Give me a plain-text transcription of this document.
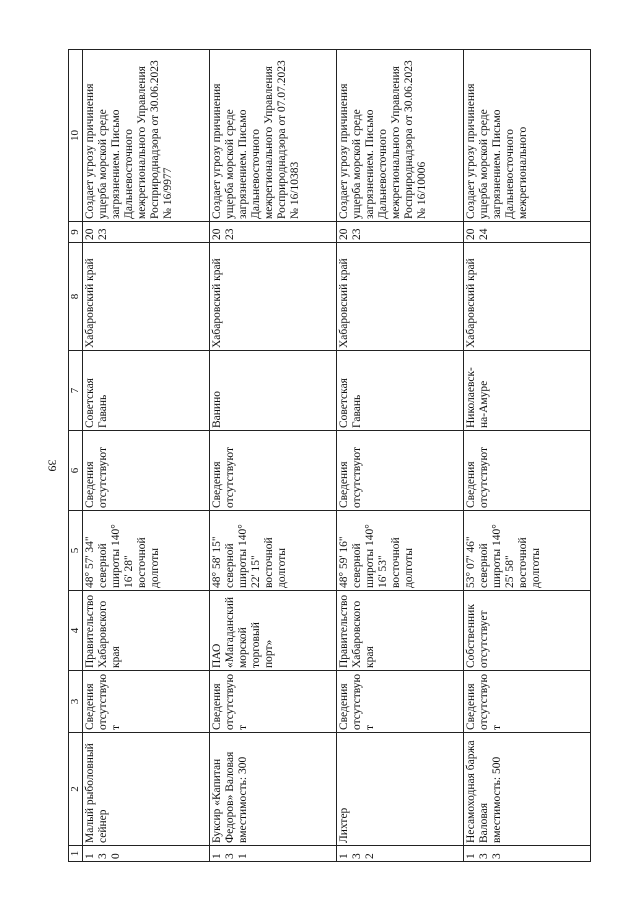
39
1	2	3	4	5	6	7	8	9	10
130	Малый рыболовный сейнер	Сведения отсутствуют	Правительство Хабаровского края	48° 57' 34" северной широты 140° 16' 28" восточной долготы	Сведения отсутствуют	Советская Гавань	Хабаровский край	2023	Создает угрозу причинения ущерба морской среде загрязнением. Письмо Дальневосточного межрегионального Управления Росприроднадзора от 30.06.2023 № 16/9977
131	Буксир «Капитан Федоров» Валовая вместимость: 300	Сведения отсутствуют	ПАО «Магаданский морской торговый порт»	48° 58' 15" северной широты 140° 22' 15" восточной долготы	Сведения отсутствуют	Ванино	Хабаровский край	2023	Создает угрозу причинения ущерба морской среде загрязнением. Письмо Дальневосточного межрегионального Управления Росприроднадзора от 07.07.2023 № 16/10383
132	Лихтер	Сведения отсутствуют	Правительство Хабаровского края	48° 59' 16" северной широты 140° 16' 53" восточной долготы	Сведения отсутствуют	Советская Гавань	Хабаровский край	2023	Создает угрозу причинения ущерба морской среде загрязнением. Письмо Дальневосточного межрегионального Управления Росприроднадзора от 30.06.2023 № 16/10006
133	Несамоходная баржа Валовая вместимость: 500	Сведения отсутствуют	Собственник отсутствует	53° 07' 46" северной широты 140° 25' 58" восточной долготы	Сведения отсутствуют	Николаевск-на-Амуре	Хабаровский край	2024	Создает угрозу причинения ущерба морской среде загрязнением. Письмо Дальневосточного межрегионального
